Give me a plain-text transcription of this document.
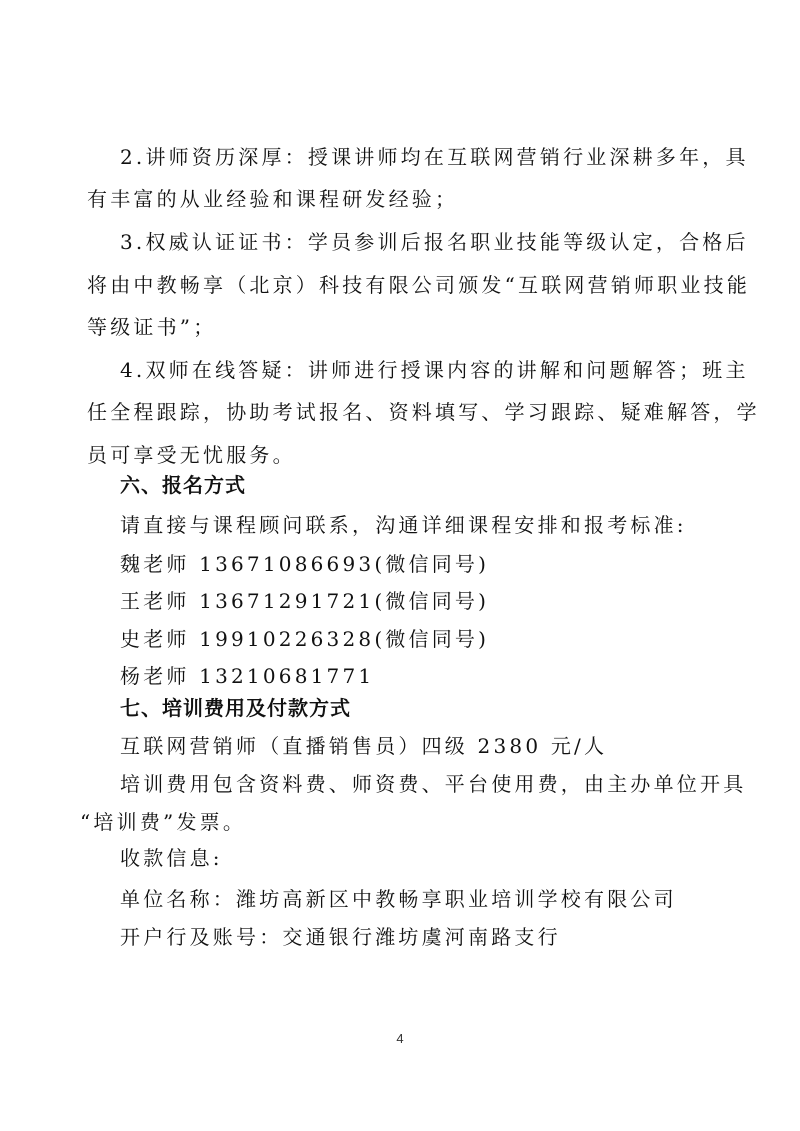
2.讲师资历深厚：授课讲师均在互联网营销行业深耕多年，具
有丰富的从业经验和课程研发经验；
3.权威认证证书：学员参训后报名职业技能等级认定，合格后
将由中教畅享（北京）科技有限公司颁发“互联网营销师职业技能
等级证书”；
4.双师在线答疑：讲师进行授课内容的讲解和问题解答；班主
任全程跟踪，协助考试报名、资料填写、学习跟踪、疑难解答，学
员可享受无忧服务。
六、报名方式
请直接与课程顾问联系，沟通详细课程安排和报考标准:
魏老师 13671086693(微信同号)
王老师 13671291721(微信同号)
史老师 19910226328(微信同号)
杨老师 13210681771
七、培训费用及付款方式
互联网营销师（直播销售员）四级 2380 元/人
培训费用包含资料费、师资费、平台使用费，由主办单位开具
“培训费”发票。
收款信息:
单位名称：潍坊高新区中教畅享职业培训学校有限公司
开户行及账号：交通银行潍坊虞河南路支行
4
